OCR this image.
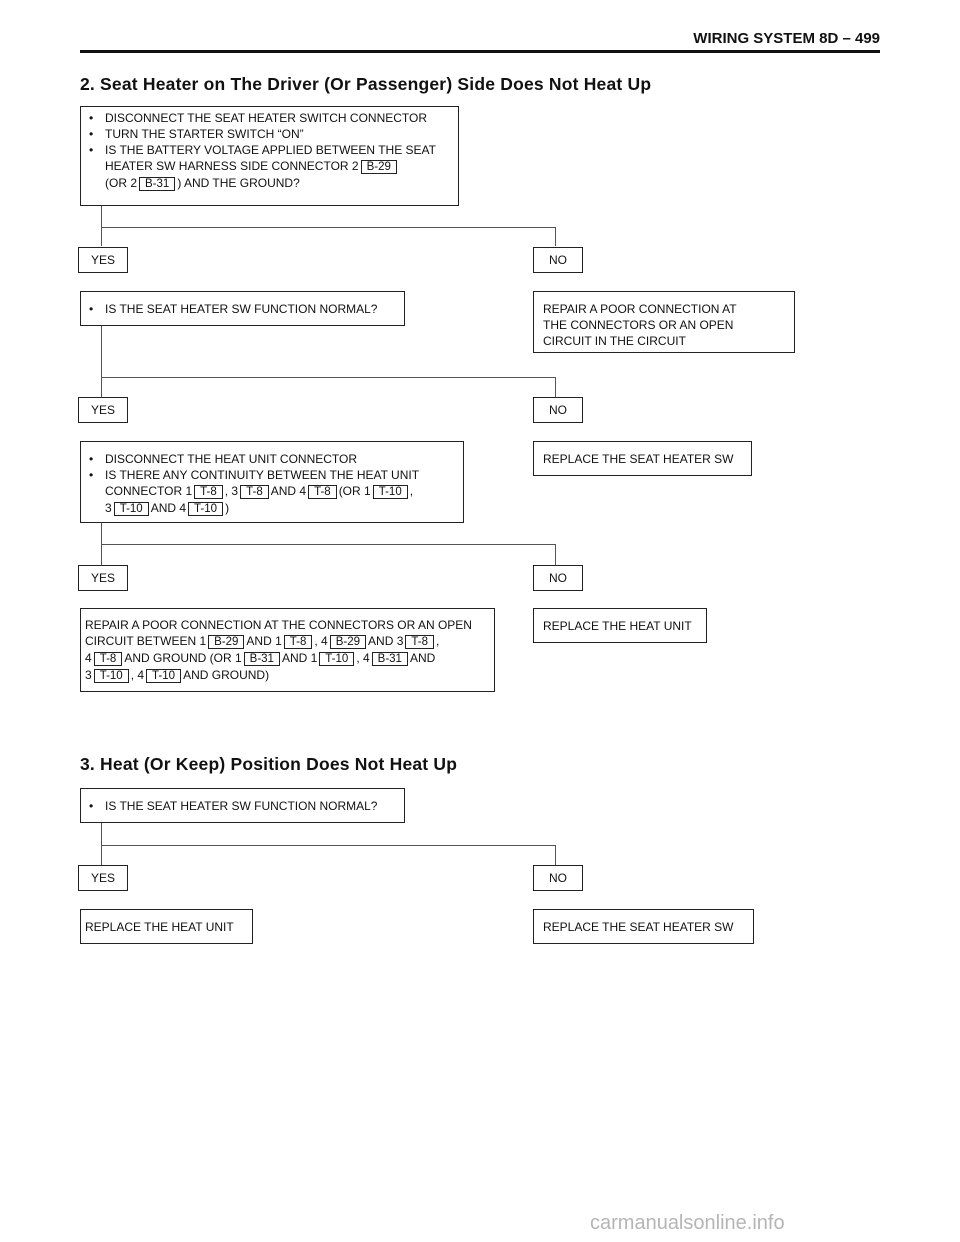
WIRING SYSTEM 8D – 499
2. Seat Heater on The Driver (Or Passenger) Side Does Not Heat Up
• DISCONNECT THE SEAT HEATER SWITCH CONNECTOR
• TURN THE STARTER SWITCH “ON”
• IS THE BATTERY VOLTAGE APPLIED BETWEEN THE SEAT
HEATER SW HARNESS SIDE CONNECTOR 2 B-29
(OR 2 B-31 ) AND THE GROUND?
YES	NO
• IS THE SEAT HEATER SW FUNCTION NORMAL?	REPAIR A POOR CONNECTION AT
THE CONNECTORS OR AN OPEN
CIRCUIT IN THE CIRCUIT
YES	NO
• DISCONNECT THE HEAT UNIT CONNECTOR
• IS THERE ANY CONTINUITY BETWEEN THE HEAT UNIT
CONNECTOR 1 T-8 , 3 T-8 AND 4 T-8 (OR 1 T-10 ,
3 T-10 AND 4 T-10 )
REPLACE THE SEAT HEATER SW
YES	NO
REPAIR A POOR CONNECTION AT THE CONNECTORS OR AN OPEN
CIRCUIT BETWEEN 1 B-29 AND 1 T-8 , 4 B-29 AND 3 T-8 ,
4 T-8 AND GROUND (OR 1 B-31 AND 1 T-10 , 4 B-31 AND
3 T-10 , 4 T-10 AND GROUND)
REPLACE THE HEAT UNIT
3. Heat (Or Keep) Position Does Not Heat Up
• IS THE SEAT HEATER SW FUNCTION NORMAL?
YES	NO
REPLACE THE HEAT UNIT	REPLACE THE SEAT HEATER SW
carmanualsonline.info
